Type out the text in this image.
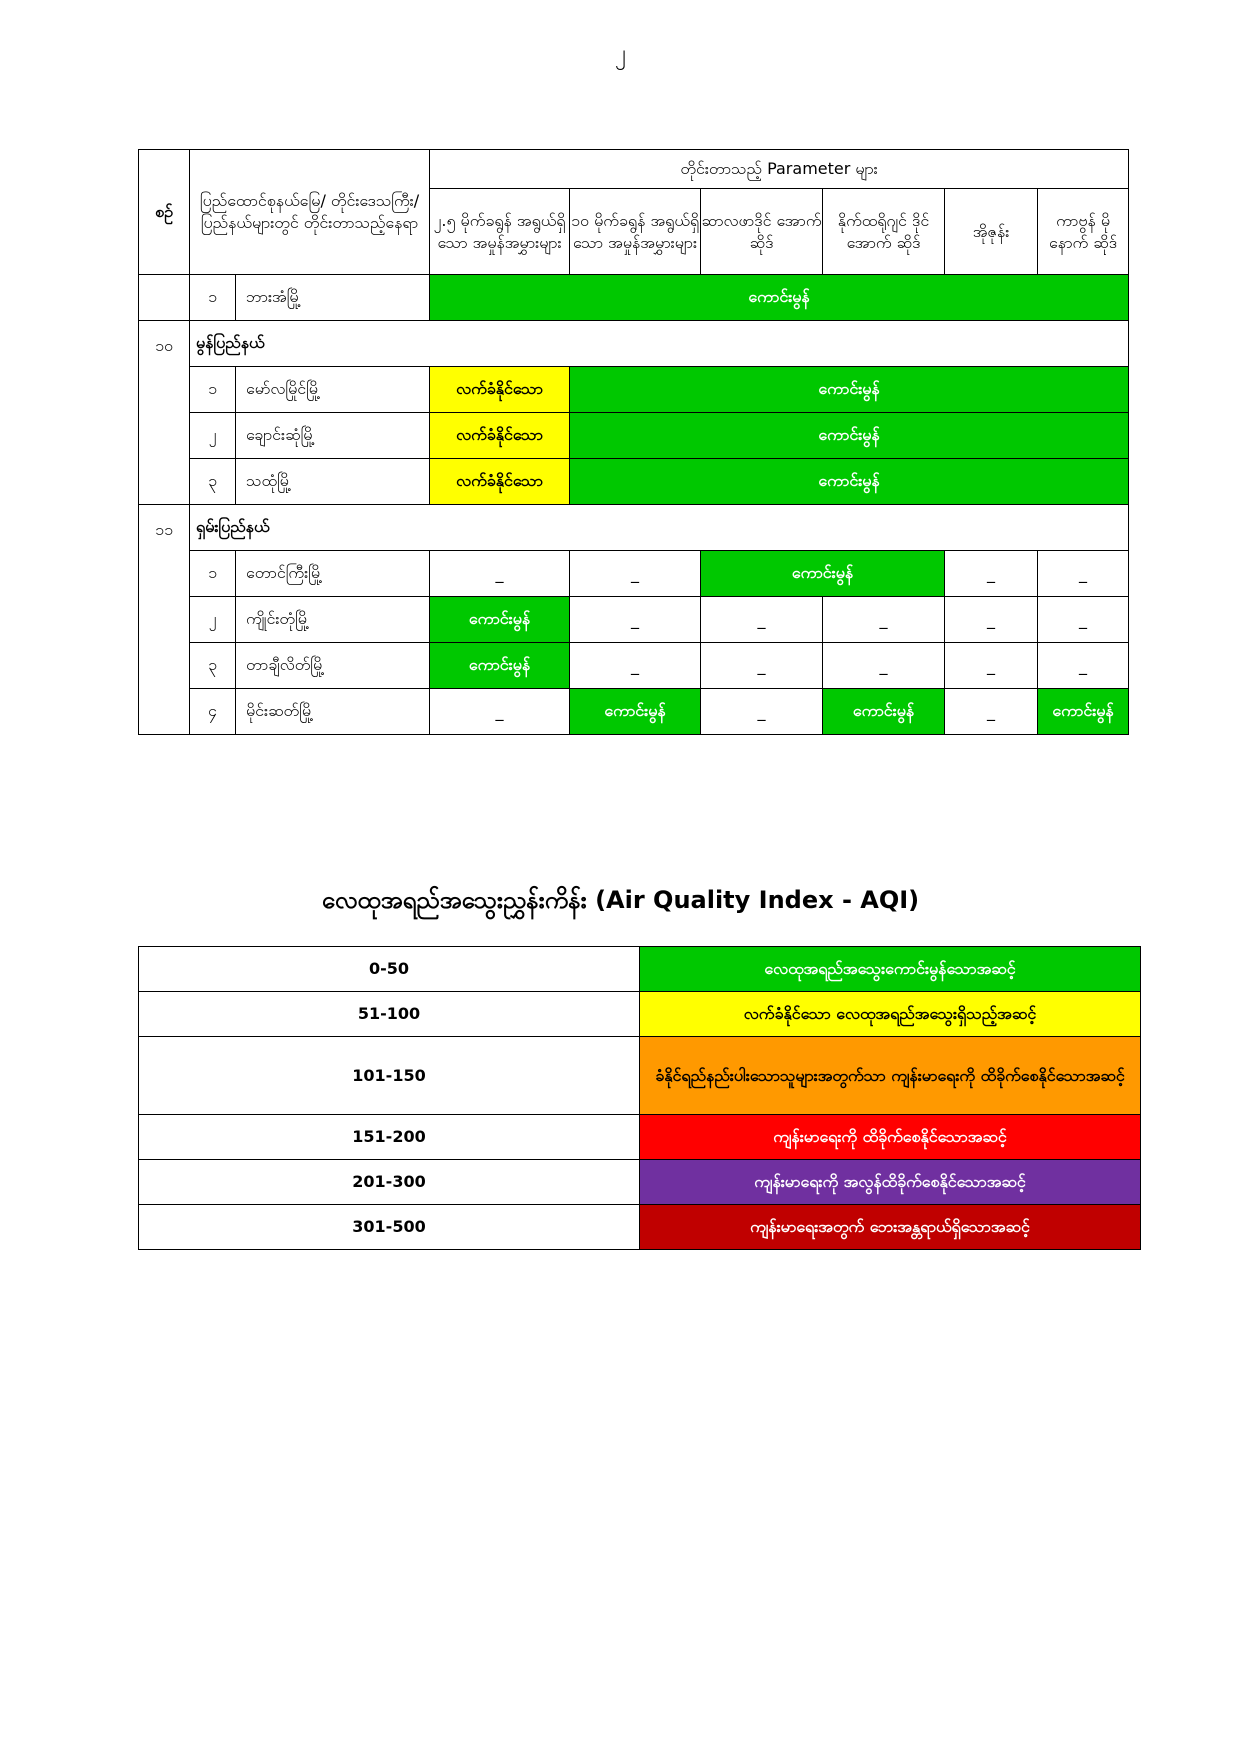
၂
စဉ်	ပြည်ထောင်စုနယ်မြေ/ တိုင်းဒေသကြီး/ ပြည်နယ်များတွင် တိုင်းတာသည့်နေရာ		တိုင်းတာသည့် Parameter များ					
			၂.၅ မိုက်ခရွန် အရွယ်ရှိသော အမှုန်အမွှားများ	၁၀ မိုက်ခရွန် အရွယ်ရှိသော အမှုန်အမွှားများ	ဆာလဖာဒိုင် အောက်ဆိုဒ်	နိုက်ထရိုဂျင် ဒိုင်အောက် ဆိုဒ်	အိုဇုန်း	ကာဗွန် မိုနောက် ဆိုဒ်
	၁	ဘားအံမြို့	ကောင်းမွန်					
၁၀	မွန်ပြည်နယ်							
	၁	မော်လမြိုင်မြို့	လက်ခံနိုင်သော	ကောင်းမွန်				
	၂	ချောင်းဆုံမြို့	လက်ခံနိုင်သော	ကောင်းမွန်				
	၃	သထုံမြို့	လက်ခံနိုင်သော	ကောင်းမွန်				
၁၁	ရှမ်းပြည်နယ်							
	၁	တောင်ကြီးမြို့	_	_	ကောင်းမွန်		_	_
	၂	ကျိုင်းတုံမြို့	ကောင်းမွန်	_	_	_	_	_
	၃	တာချီလိတ်မြို့	ကောင်းမွန်	_	_	_	_	_
	၄	မိုင်းဆတ်မြို့	_	ကောင်းမွန်	_	ကောင်းမွန်	_	ကောင်းမွန်
လေထုအရည်အသွေးညွှန်းကိန်း (Air Quality Index - AQI)
0-50	လေထုအရည်အသွေးကောင်းမွန်သောအဆင့်
51-100	လက်ခံနိုင်သော လေထုအရည်အသွေးရှိသည့်အဆင့်
101-150	ခံနိုင်ရည်နည်းပါးသောသူများအတွက်သာ ကျန်းမာရေးကို ထိခိုက်စေနိုင်သောအဆင့်
151-200	ကျန်းမာရေးကို ထိခိုက်စေနိုင်သောအဆင့်
201-300	ကျန်းမာရေးကို အလွန်ထိခိုက်စေနိုင်သောအဆင့်
301-500	ကျန်းမာရေးအတွက် ဘေးအန္တရာယ်ရှိသောအဆင့်
